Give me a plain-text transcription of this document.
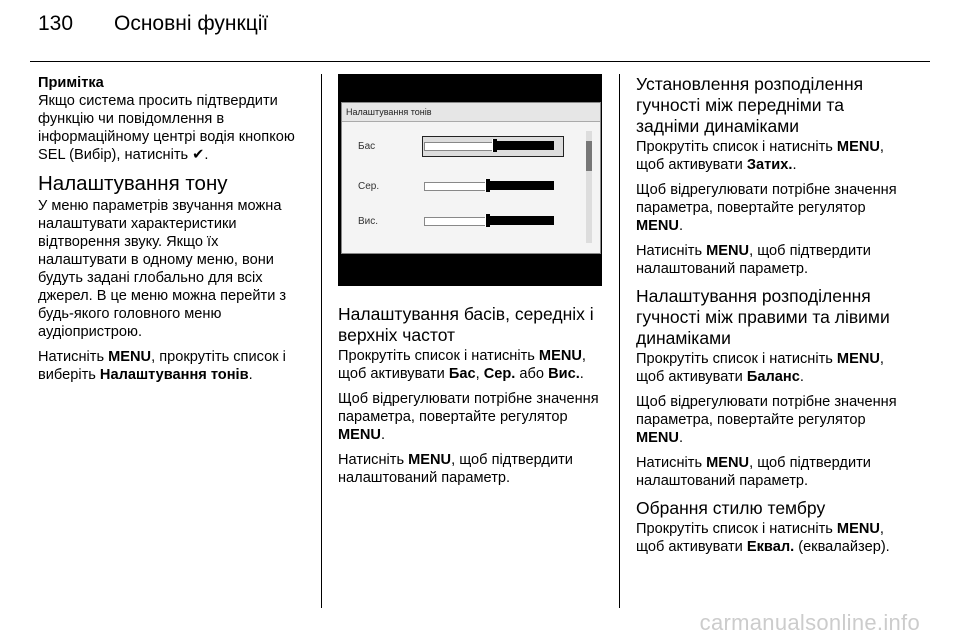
130 Основні функції
Примітка

Якщо система просить підтвердити функцію чи повідомлення в інформаційному центрі водія кнопкою SEL (Вибір), натисніть ✔.

Налаштування тону

У меню параметрів звучання можна налаштувати характеристики відтворення звуку. Якщо їх налаштувати в одному меню, вони будуть задані глобально для всіх джерел. В це меню можна перейти з будь-якого головного меню аудіопристрою.

Натисніть MENU, прокрутіть список і виберіть Налаштування тонів.

Налаштування тонів
Бас
Сер.
Вис.
Налаштування басів, середніх і верхніх частот

Прокрутіть список і натисніть MENU, щоб активувати Бас, Сер. або Вис..

Щоб відрегулювати потрібне значення параметра, повертайте регулятор MENU.

Натисніть MENU, щоб підтвердити налаштований параметр.

Установлення розподілення гучності між передніми та задніми динаміками

Прокрутіть список і натисніть MENU, щоб активувати Затих..

Щоб відрегулювати потрібне значення параметра, повертайте регулятор MENU.

Натисніть MENU, щоб підтвердити налаштований параметр.

Налаштування розподілення гучності між правими та лівими динаміками

Прокрутіть список і натисніть MENU, щоб активувати Баланс.

Щоб відрегулювати потрібне значення параметра, повертайте регулятор MENU.

Натисніть MENU, щоб підтвердити налаштований параметр.

Обрання стилю тембру

Прокрутіть список і натисніть MENU, щоб активувати Еквал. (еквалайзер).

carmanualsonline.info
